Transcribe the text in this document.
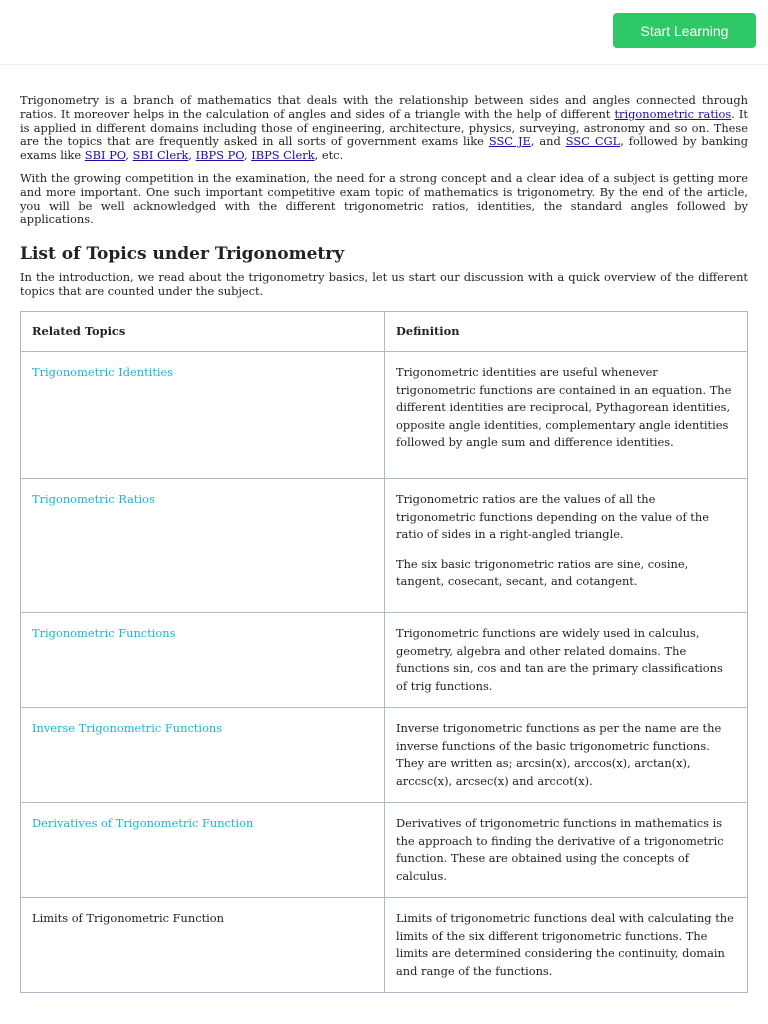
Start Learning

Trigonometry is a branch of mathematics that deals with the relationship between sides and angles connected through ratios. It moreover helps in the calculation of angles and sides of a triangle with the help of different trigonometric ratios. It is applied in different domains including those of engineering, architecture, physics, surveying, astronomy and so on. These are the topics that are frequently asked in all sorts of government exams like SSC JE, and SSC CGL, followed by banking exams like SBI PO, SBI Clerk, IBPS PO, IBPS Clerk, etc.

With the growing competition in the examination, the need for a strong concept and a clear idea of a subject is getting more and more important. One such important competitive exam topic of mathematics is trigonometry. By the end of the article, you will be well acknowledged with the different trigonometric ratios, identities, the standard angles followed by applications.

List of Topics under Trigonometry

In the introduction, we read about the trigonometry basics, let us start our discussion with a quick overview of the different topics that are counted under the subject.

Related Topics	Definition
Trigonometric Identities	Trigonometric identities are useful whenever trigonometric functions are contained in an equation. The different identities are reciprocal, Pythagorean identities, opposite angle identities, complementary angle identities followed by angle sum and difference identities.

Trigonometric Ratios	Trigonometric ratios are the values of all the trigonometric functions depending on the value of the ratio of sides in a right-angled triangle.

The six basic trigonometric ratios are sine, cosine, tangent, cosecant, secant, and cotangent.

Trigonometric Functions	Trigonometric functions are widely used in calculus, geometry, algebra and other related domains. The functions sin, cos and tan are the primary classifications of trig functions.

Inverse Trigonometric Functions	Inverse trigonometric functions as per the name are the inverse functions of the basic trigonometric functions. They are written as; arcsin(x), arccos(x), arctan(x), arccsc(x), arcsec(x) and arccot(x).

Derivatives of Trigonometric Function	Derivatives of trigonometric functions in mathematics is the approach to finding the derivative of a trigonometric function. These are obtained using the concepts of calculus.

Limits of Trigonometric Function	Limits of trigonometric functions deal with calculating the limits of the six different trigonometric functions. The limits are determined considering the continuity, domain and range of the functions.
